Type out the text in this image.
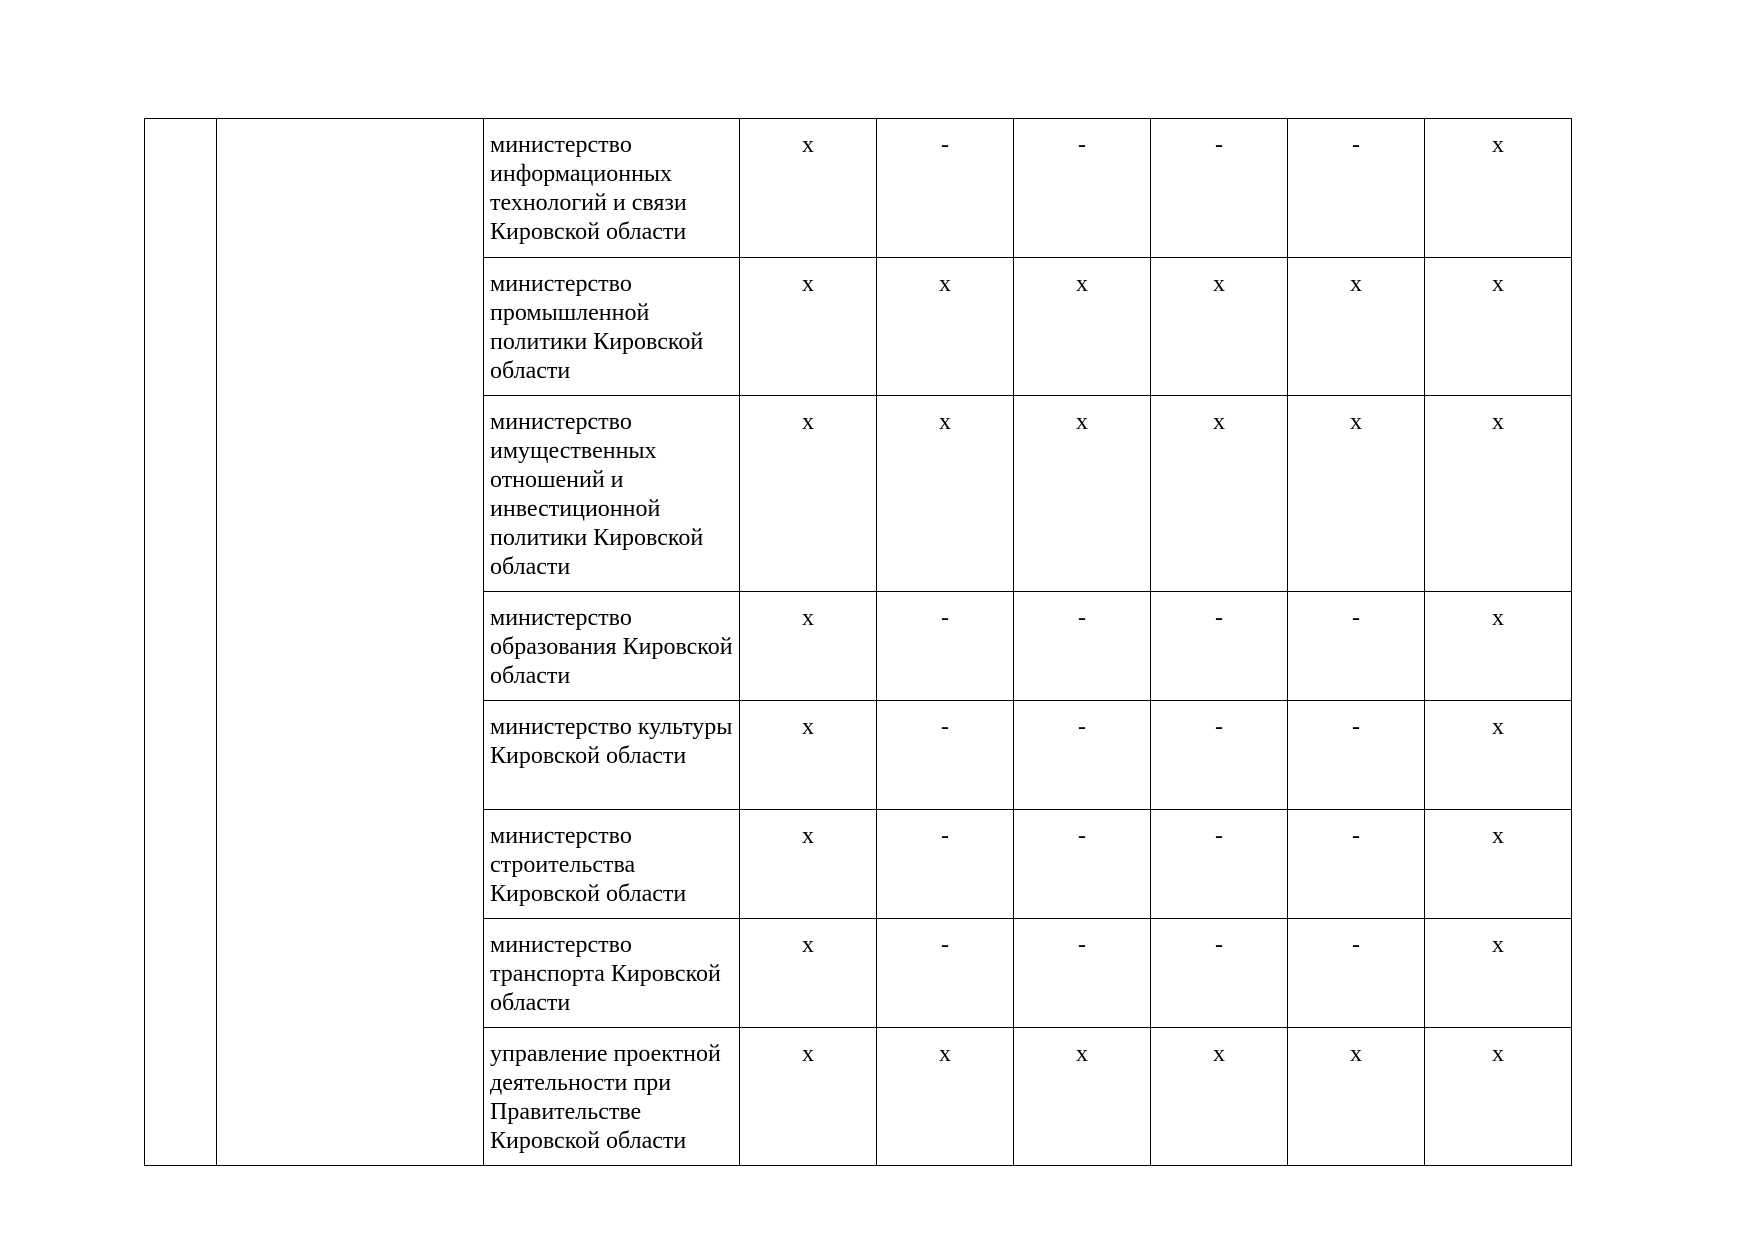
		министерство информационных технологий и связи Кировской области	х	-	-	-	-	х
		министерство промышленной политики Кировской области	х	х	х	х	х	х
		министерство имущественных отношений и инвестиционной политики Кировской области	х	х	х	х	х	х
		министерство образования Кировской области	х	-	-	-	-	х
		министерство культуры Кировской области	х	-	-	-	-	х
		министерство строительства Кировской области	х	-	-	-	-	х
		министерство транспорта Кировской области	х	-	-	-	-	х
		управление проектной деятельности при Правительстве Кировской области	х	х	х	х	х	х
